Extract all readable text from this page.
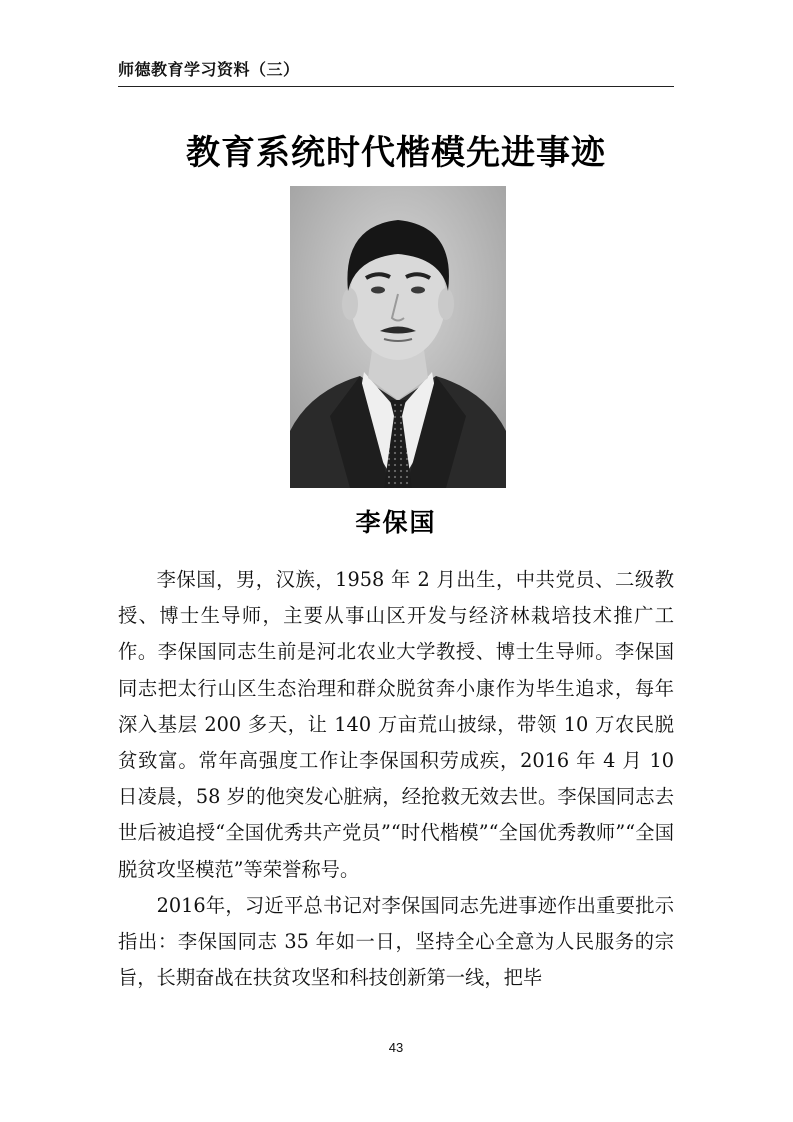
师德教育学习资料（三）
教育系统时代楷模先进事迹
李保国

李保国，男，汉族，1958 年 2 月出生，中共党员、二级教授、博士生导师，主要从事山区开发与经济林栽培技术推广工作。李保国同志生前是河北农业大学教授、博士生导师。李保国同志把太行山区生态治理和群众脱贫奔小康作为毕生追求，每年深入基层 200 多天，让 140 万亩荒山披绿，带领 10 万农民脱贫致富。常年高强度工作让李保国积劳成疾，2016 年 4 月 10 日凌晨，58 岁的他突发心脏病，经抢救无效去世。李保国同志去世后被追授“全国优秀共产党员”“时代楷模”“全国优秀教师”“全国脱贫攻坚模范”等荣誉称号。

2016年，习近平总书记对李保国同志先进事迹作出重要批示指出：李保国同志 35 年如一日，坚持全心全意为人民服务的宗旨，长期奋战在扶贫攻坚和科技创新第一线，把毕

43
